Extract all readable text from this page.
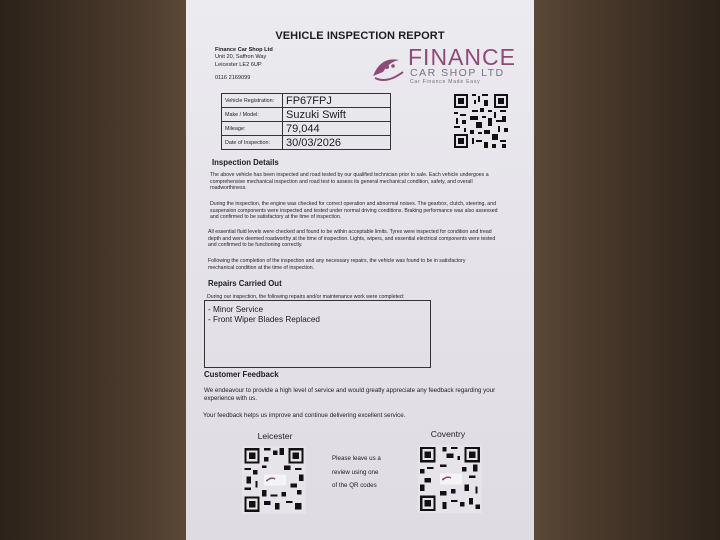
VEHICLE INSPECTION REPORT
Finance Car Shop Ltd
Unit 20, Saffron Way
Leicester LE2 6UP
0116 2169099
FINANCE
CAR SHOP LTD
Car Finance Made Easy
Vehicle Registration:	FP67FPJ
Make / Model:	Suzuki Swift
Mileage:	79,044
Date of Inspection:	30/03/2026
Inspection Details
The above vehicle has been inspected and road tested by our qualified technician prior to sale. Each vehicle undergoes a
comprehensive mechanical inspection and road test to assess its general mechanical condition, safety, and overall
roadworthiness.
During the inspection, the engine was checked for correct operation and abnormal noises. The gearbox, clutch, steering, and
suspension components were inspected and tested under normal driving conditions. Braking performance was also assessed
and confirmed to be satisfactory at the time of inspection.
All essential fluid levels were checked and found to be within acceptable limits. Tyres were inspected for condition and tread
depth and were deemed roadworthy at the time of inspection. Lights, wipers, and essential electrical components were tested
and confirmed to be functioning correctly.
Following the completion of the inspection and any necessary repairs, the vehicle was found to be in satisfactory
mechanical condition at the time of inspection.
Repairs Carried Out
During our inspection, the following repairs and/or maintenance work were completed:
- Minor Service
- Front Wiper Blades Replaced
Customer Feedback
We endeavour to provide a high level of service and would greatly appreciate any feedback regarding your
experience with us.
Your feedback helps us improve and continue delivering excellent service.
Leicester	Coventry
Please leave us a
review using one
of the QR codes
